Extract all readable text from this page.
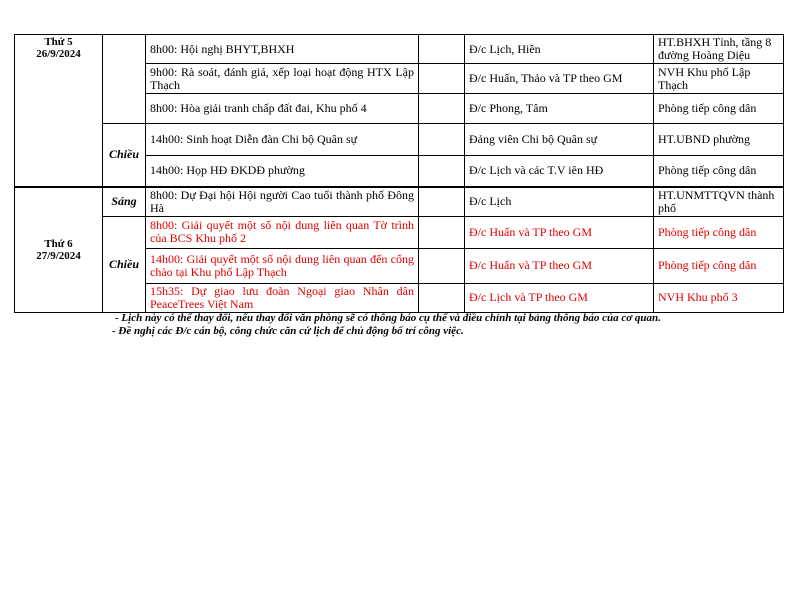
Thứ 5
26/9/2024		8h00: Hội nghị BHYT,BHXH		Đ/c Lịch, Hiền	HT.BHXH Tỉnh, tầng 8 đường Hoàng Diệu
		9h00: Rà soát, đánh giá, xếp loại hoạt động HTX Lập Thạch		Đ/c Huấn, Thảo và TP theo GM	NVH Khu phố Lập Thạch
		8h00: Hòa giải tranh chấp đất đai, Khu phố 4		Đ/c Phong, Tâm	Phòng tiếp công dân
	Chiều	14h00: Sinh hoạt Diễn đàn Chi bộ Quân sự		Đảng viên Chi bộ Quân sự	HT.UBND phường
		14h00: Họp HĐ ĐKDĐ phường		Đ/c Lịch và các T.V iên HĐ	Phòng tiếp công dân

Thứ 6
27/9/2024	Sáng	8h00: Dự Đại hội Hội người Cao tuổi thành phố Đông Hà		Đ/c Lịch	HT.UNMTTQVN thành phố
	Chiều	8h00: Giải quyết một số nội dung liên quan Tờ trình của BCS Khu phố 2		Đ/c Huấn và TP theo GM	Phòng tiếp công dân
		14h00: Giải quyết một số nội dung liên quan đến cổng chào tại Khu phố Lập Thạch		Đ/c Huấn và TP theo GM	Phòng tiếp công dân
		15h35: Dự giao lưu đoàn Ngoại giao Nhân dân PeaceTrees Việt Nam		Đ/c Lịch và TP theo GM	NVH Khu phố 3
- Lịch này có thể thay đổi, nếu thay đổi văn phòng sẽ có thông báo cụ thể và điều chỉnh tại bảng thông báo của cơ quan.
- Đề nghị các Đ/c cán bộ, công chức căn cứ lịch để chủ động bố trí công việc.
